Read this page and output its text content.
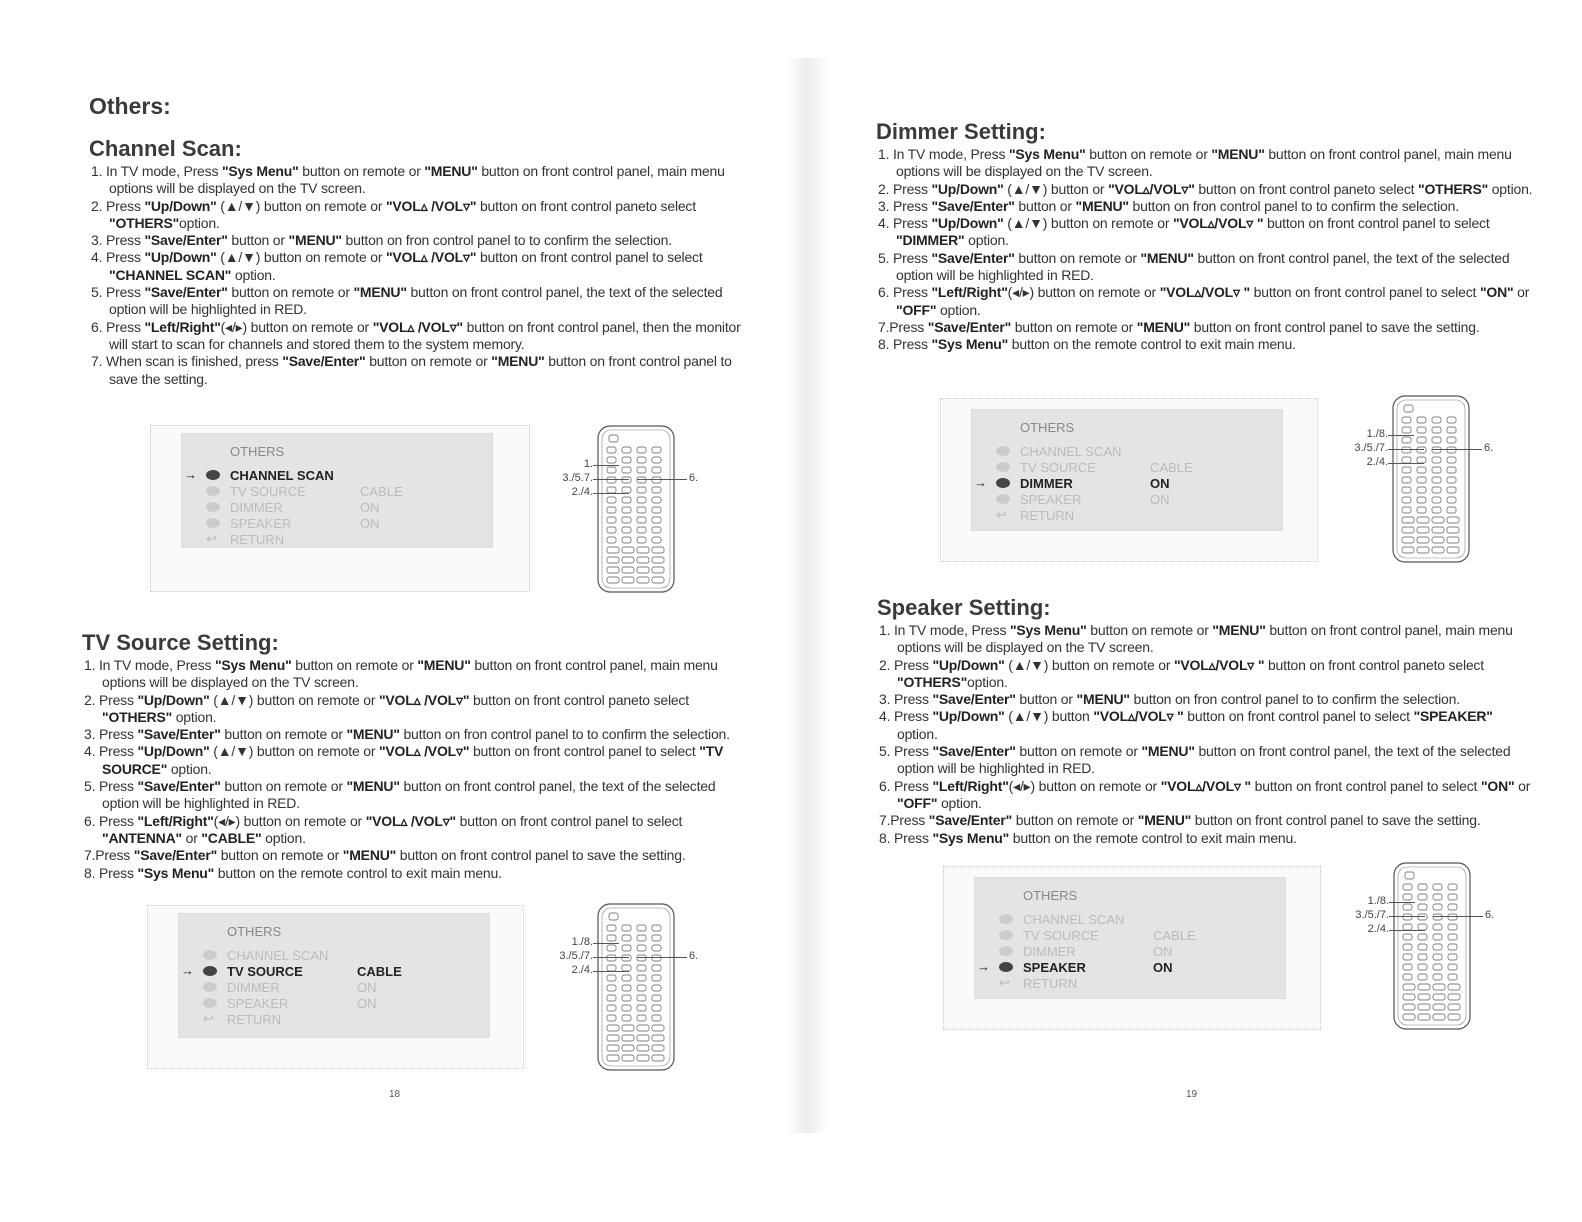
Others:
Channel Scan:
1. In TV mode, Press "Sys Menu" button on remote or "MENU" button on front control panel, main menu options will be displayed on the TV screen.
2. Press "Up/Down" (▲/▼) button on remote or "VOL▵ /VOL▿" button on front control paneto select "OTHERS"option.
3. Press "Save/Enter" button or "MENU" button on fron control panel to to confirm the selection.
4. Press "Up/Down" (▲/▼) button on remote or "VOL▵ /VOL▿" button on front control panel to select "CHANNEL SCAN" option.
5. Press "Save/Enter" button on remote or "MENU" button on front control panel, the text of the selected option will be highlighted in RED.
6. Press "Left/Right"(◂/▸) button on remote or "VOL▵ /VOL▿" button on front control panel, then the monitor will start to scan for channels and stored them to the system memory.
7. When scan is finished, press "Save/Enter" button on remote or "MENU" button on front control panel to save the setting.
TV Source Setting:
1. In TV mode, Press "Sys Menu" button on remote or "MENU" button on front control panel, main menu options will be displayed on the TV screen.
2. Press "Up/Down" (▲/▼) button on remote or "VOL▵ /VOL▿" button on front control paneto select "OTHERS" option.
3. Press "Save/Enter" button on remote or "MENU" button on fron control panel to to confirm the selection.
4. Press "Up/Down" (▲/▼) button on remote or "VOL▵ /VOL▿" button on front control panel to select "TV SOURCE" option.
5. Press "Save/Enter" button on remote or "MENU" button on front control panel, the text of the selected option will be highlighted in RED.
6. Press "Left/Right"(◂/▸) button on remote or "VOL▵ /VOL▿" button on front control panel to select "ANTENNA" or "CABLE" option.
7.Press "Save/Enter" button on remote or "MENU" button on front control panel to save the setting.
8. Press "Sys Menu" button on the remote control to exit main menu.
18
Dimmer Setting:
1. In TV mode, Press "Sys Menu" button on remote or "MENU" button on front control panel, main menu options will be displayed on the TV screen.
2. Press "Up/Down" (▲/▼) button or "VOL▵/VOL▿" button on front control paneto select "OTHERS" option.
3. Press "Save/Enter" button or "MENU" button on fron control panel to to confirm the selection.
4. Press "Up/Down" (▲/▼) button on remote or "VOL▵/VOL▿ " button on front control panel to select "DIMMER" option.
5. Press "Save/Enter" button on remote or "MENU" button on front control panel, the text of the selected option will be highlighted in RED.
6. Press "Left/Right"(◂/▸) button on remote or "VOL▵/VOL▿ " button on front control panel to select "ON" or "OFF" option.
7.Press "Save/Enter" button on remote or "MENU" button on front control panel to save the setting.
8. Press "Sys Menu" button on the remote control to exit main menu.
Speaker Setting:
1. In TV mode, Press "Sys Menu" button on remote or "MENU" button on front control panel, main menu options will be displayed on the TV screen.
2. Press "Up/Down" (▲/▼) button on remote or "VOL▵/VOL▿ " button on front control paneto select "OTHERS"option.
3. Press "Save/Enter" button or "MENU" button on fron control panel to to confirm the selection.
4. Press "Up/Down" (▲/▼) button "VOL▵/VOL▿ " button on front control panel to select "SPEAKER" option.
5. Press "Save/Enter" button on remote or "MENU" button on front control panel, the text of the selected option will be highlighted in RED.
6. Press "Left/Right"(◂/▸) button on remote or "VOL▵/VOL▿ " button on front control panel to select "ON" or "OFF" option.
7.Press "Save/Enter" button on remote or "MENU" button on front control panel to save the setting.
8. Press "Sys Menu" button on the remote control to exit main menu.
19
OTHERS
→	CHANNEL SCAN
TV SOURCE	CABLE
DIMMER	ON
SPEAKER	ON
↩ RETURN
1.
3./5.7.
2./4.
6.
OTHERS
CHANNEL SCAN
→	TV SOURCE	CABLE
DIMMER	ON
SPEAKER	ON
↩ RETURN
1./8.
3./5./7.
2./4.
6.
OTHERS
CHANNEL SCAN
TV SOURCE	CABLE
→	DIMMER	ON
SPEAKER	ON
↩ RETURN
1./8.
3./5./7.
2./4.
6.
OTHERS
CHANNEL SCAN
TV SOURCE	CABLE
DIMMER	ON
→	SPEAKER	ON
↩ RETURN
1./8.
3./5./7.
2./4.
6.
